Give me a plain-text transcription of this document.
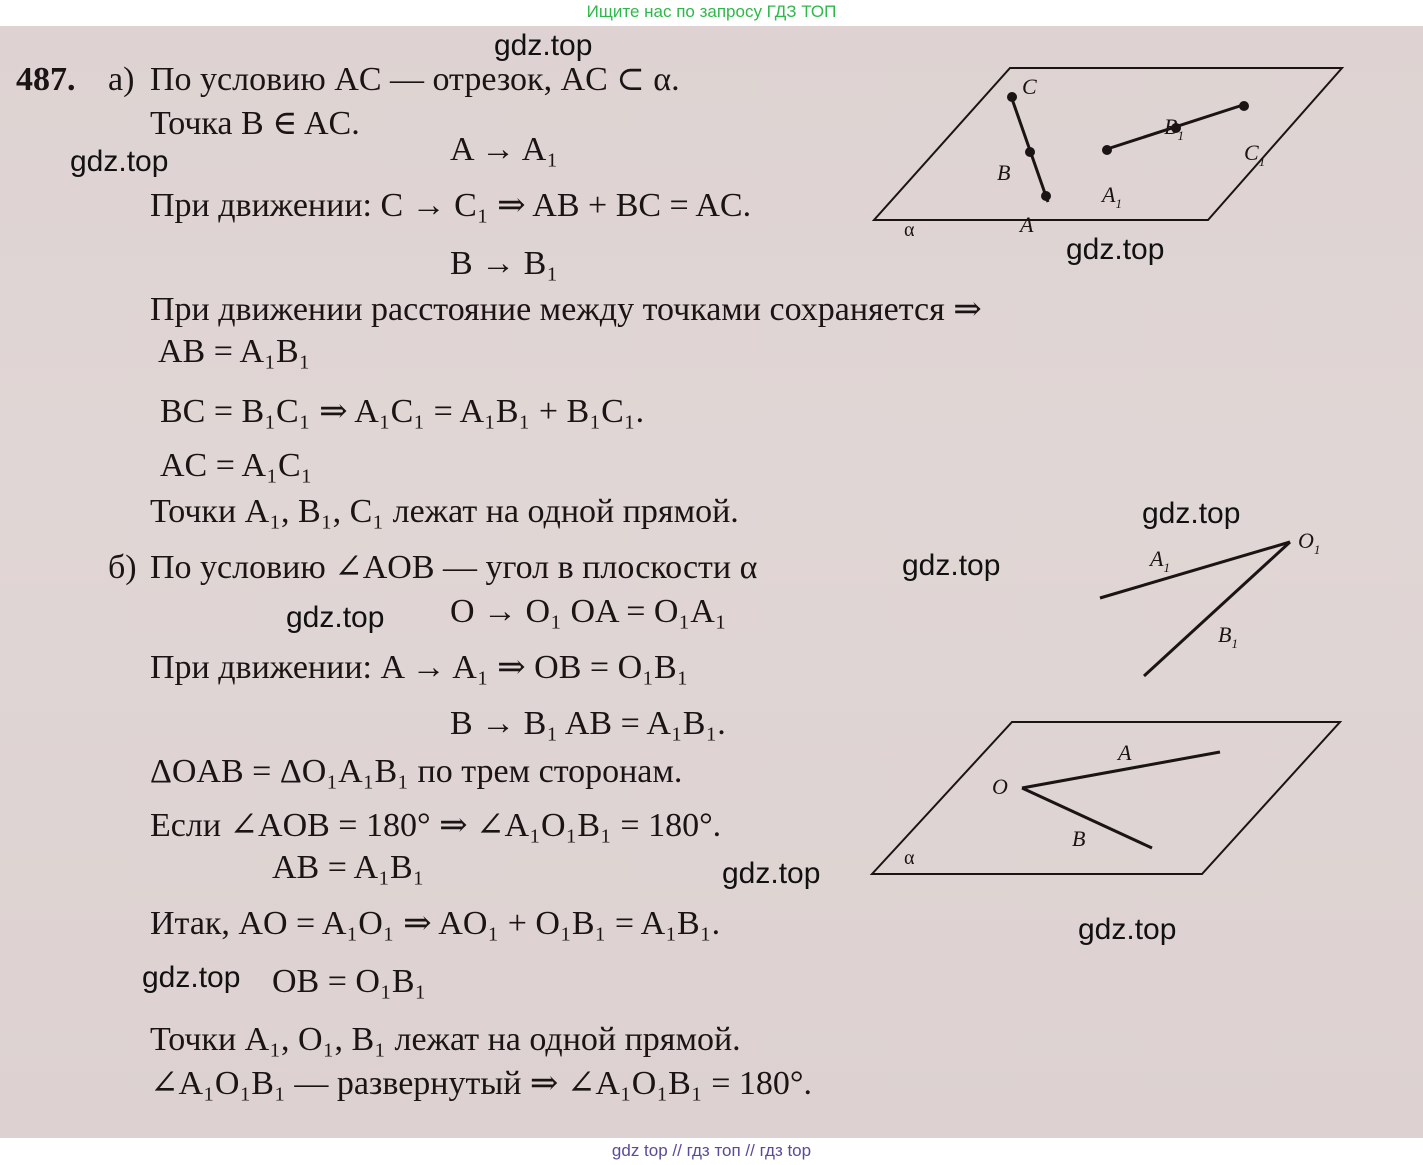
Ищите нас по запросу ГДЗ ТОП
487. а) По условию AC — отрезок, AC ⊂ α.
Точка B ∈ AC.
A → A₁
При движении: C → C₁ ⇒ AB + BC = AC.
B → B₁
При движении расстояние между точками сохраняется ⇒
AB = A₁B₁
BC = B₁C₁ ⇒ A₁C₁ = A₁B₁ + B₁C₁.
AC = A₁C₁
Точки A₁, B₁, C₁ лежат на одной прямой.
б) По условию ∠AOB — угол в плоскости α
O → O₁ OA = O₁A₁
При движении: A → A₁ ⇒ OB = O₁B₁
B → B₁ AB = A₁B₁.
ΔOAB = ΔO₁A₁B₁ по трем сторонам.
Если ∠AOB = 180° ⇒ ∠A₁O₁B₁ = 180°.
AB = A₁B₁
Итак, AO = A₁O₁ ⇒ AO₁ + O₁B₁ = A₁B₁.
OB = O₁B₁
Точки A₁, O₁, B₁ лежат на одной прямой.
∠A₁O₁B₁ — развернутый ⇒ ∠A₁O₁B₁ = 180°.
C
B
A
α
$A_1$
$B_1$
$C_1$
$O_1$
$A_1$
$B_1$
O
A
B
α
gdz.top
gdz.top
gdz.top
gdz.top
gdz.top
gdz.top
gdz.top
gdz.top
gdz.top
gdz top // гдз топ // гдз top
